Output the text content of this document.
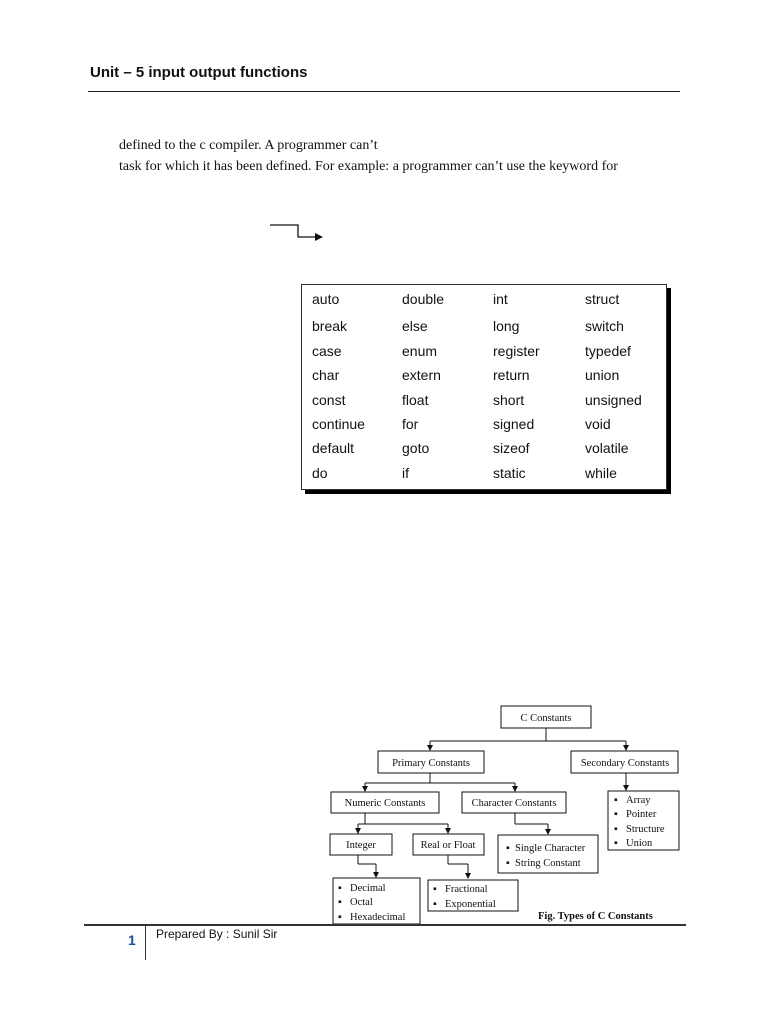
Unit – 5 input output functions
defined to the c compiler. A programmer can’t
task for which it has been defined. For example: a programmer can’t use the keyword for
auto	double	int	struct
break	else	long	switch
case	enum	register	typedef
char	extern	return	union
const	float	short	unsigned
continue	for	signed	void
default	goto	sizeof	volatile
do	if	static	while
C Constants
Primary Constants	Secondary Constants
Numeric Constants	Character Constants
Integer	Real or Float	▪ Single Character
▪ String Constant
▪ Array
▪ Pointer
▪ Structure
▪ Union
▪ Decimal
▪ Octal
▪ Hexadecimal
▪ Fractional
▪ Exponential
Fig. Types of C Constants
1 Prepared By : Sunil Sir
